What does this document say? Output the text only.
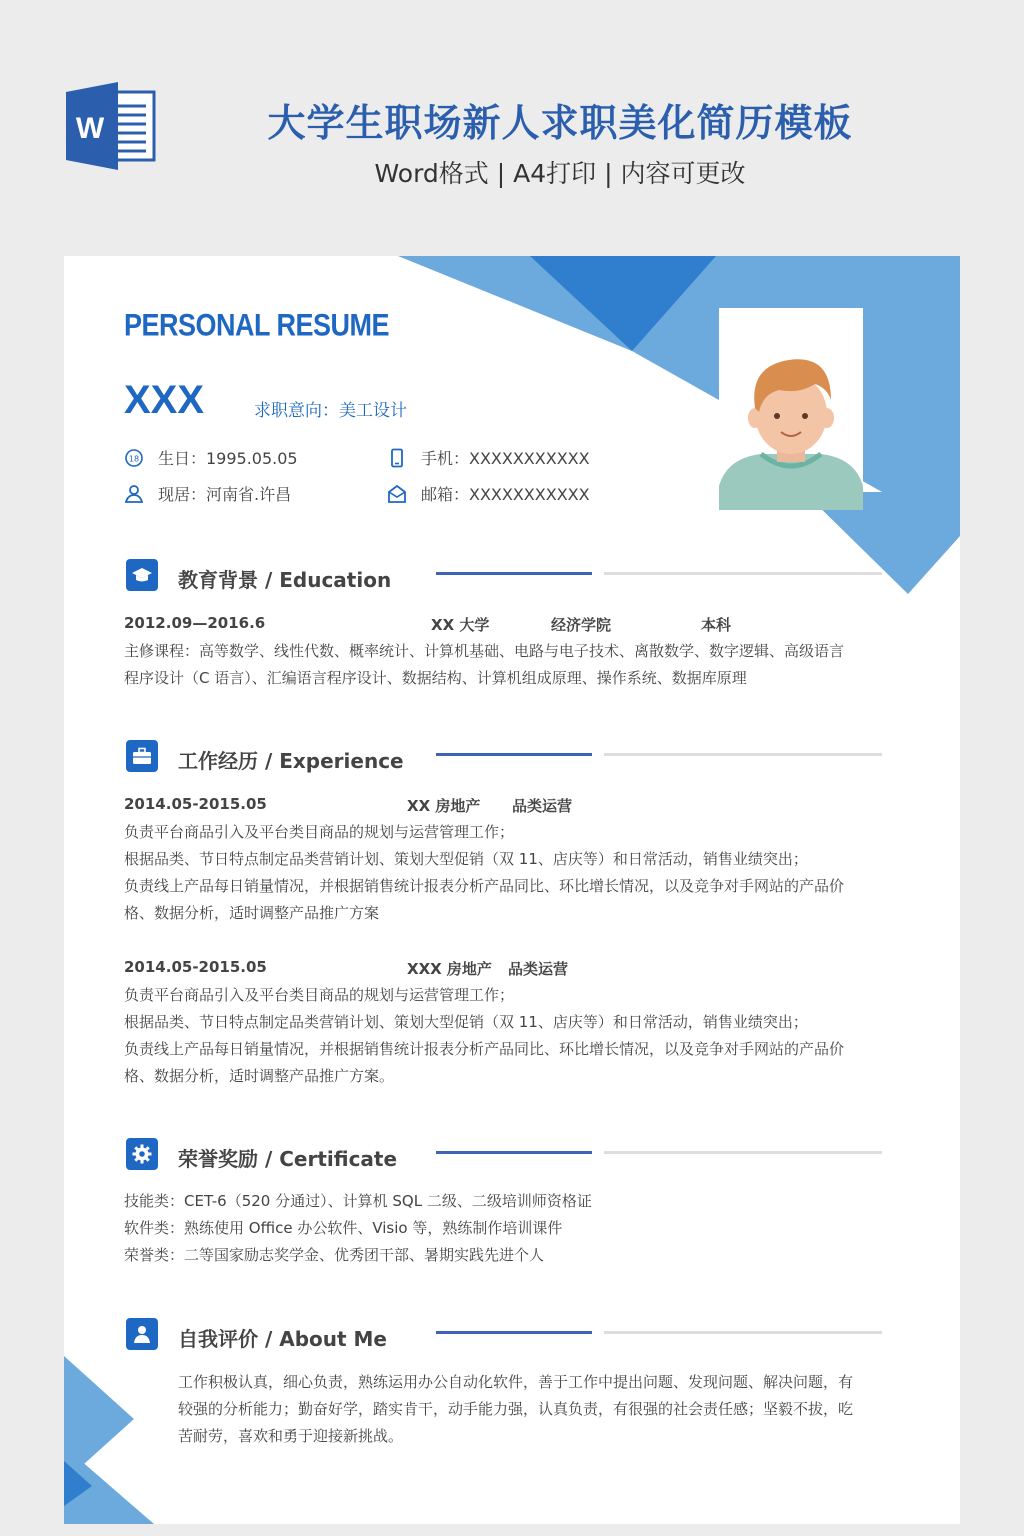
W	大学生职场新人求职美化简历模板
Word格式 | A4打印 | 内容可更改
PERSONAL RESUME
XXX	求职意向：美工设计
18 生日：1995.05.05
现居：河南省.许昌
手机：XXXXXXXXXXX
邮箱：XXXXXXXXXXX
教育背景 / Education
2012.09—2016.6	XX 大学	经济学院	本科
主修课程：高等数学、线性代数、概率统计、计算机基础、电路与电子技术、离散数学、数字逻辑、高级语言
程序设计（C 语言）、汇编语言程序设计、数据结构、计算机组成原理、操作系统、数据库原理
工作经历 / Experience
2014.05-2015.05	XX 房地产 品类运营
负责平台商品引入及平台类目商品的规划与运营管理工作；
根据品类、节日特点制定品类营销计划、策划大型促销（双 11、店庆等）和日常活动，销售业绩突出；
负责线上产品每日销量情况，并根据销售统计报表分析产品同比、环比增长情况，以及竞争对手网站的产品价
格、数据分析，适时调整产品推广方案
2014.05-2015.05	XXX 房地产 品类运营
负责平台商品引入及平台类目商品的规划与运营管理工作；
根据品类、节日特点制定品类营销计划、策划大型促销（双 11、店庆等）和日常活动，销售业绩突出；
负责线上产品每日销量情况，并根据销售统计报表分析产品同比、环比增长情况，以及竞争对手网站的产品价
格、数据分析，适时调整产品推广方案。
荣誉奖励 / Certificate
技能类：CET-6（520 分通过）、计算机 SQL 二级、二级培训师资格证
软件类：熟练使用 Office 办公软件、Visio 等，熟练制作培训课件
荣誉类：二等国家励志奖学金、优秀团干部、暑期实践先进个人
自我评价 / About Me
工作积极认真，细心负责，熟练运用办公自动化软件，善于工作中提出问题、发现问题、解决问题，有
较强的分析能力；勤奋好学，踏实肯干，动手能力强，认真负责，有很强的社会责任感；坚毅不拔，吃
苦耐劳，喜欢和勇于迎接新挑战。
